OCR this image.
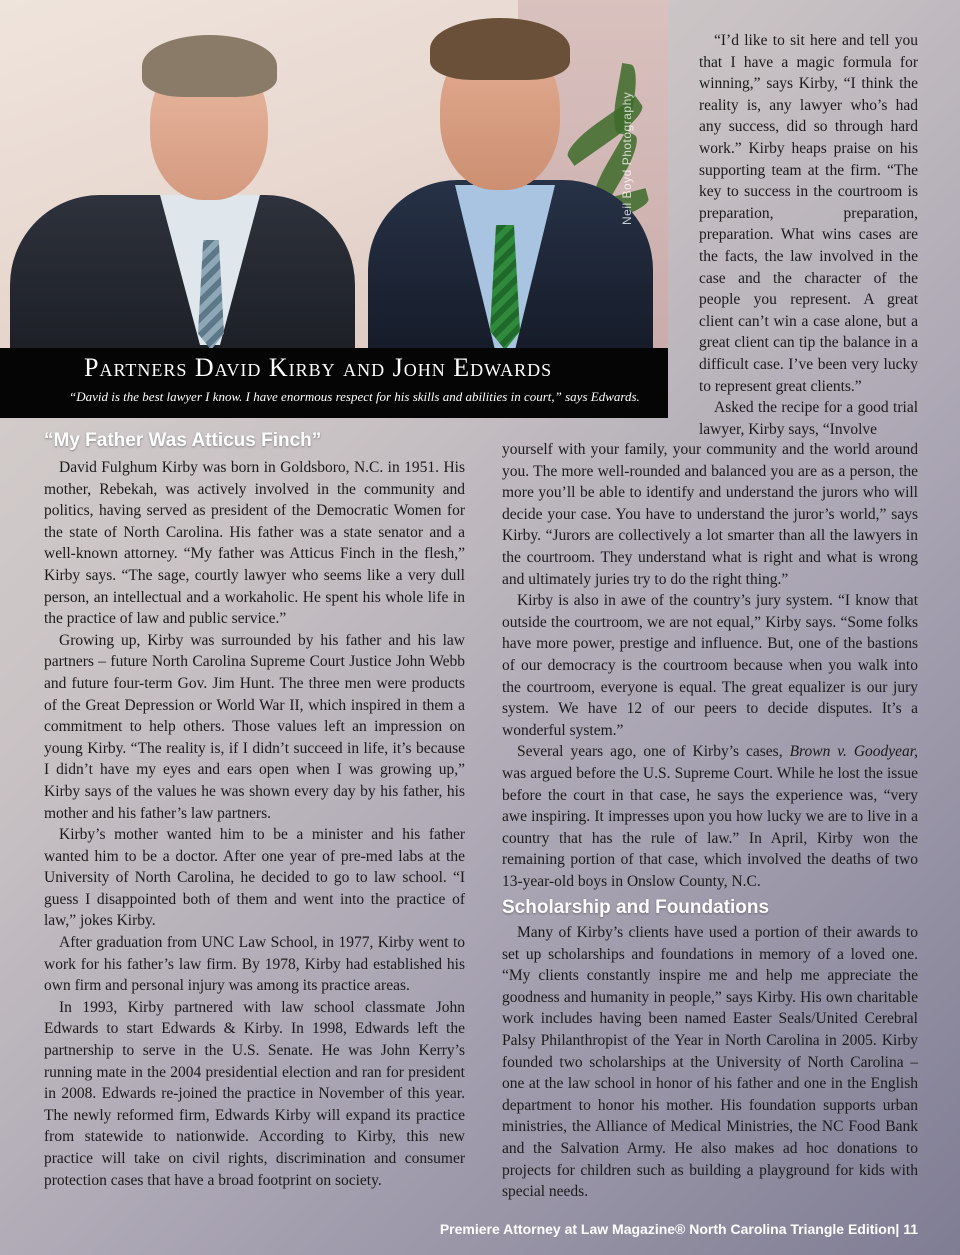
Neil Boyd Photography
Partners David Kirby and John Edwards
“David is the best lawyer I know. I have enormous respect for his skills and abilities in court,” says Edwards.

“I’d like to sit here and tell you that I have a magic formula for winning,” says Kirby, “I think the reality is, any lawyer who’s had any success, did so through hard work.” Kirby heaps praise on his supporting team at the firm. “The key to success in the courtroom is preparation, preparation, preparation. What wins cases are the facts, the law involved in the case and the character of the people you represent. A great client can’t win a case alone, but a great client can tip the balance in a difficult case. I’ve been very lucky to represent great clients.”

Asked the recipe for a good trial lawyer, Kirby says, “Involve

“My Father Was Atticus Finch”

David Fulghum Kirby was born in Goldsboro, N.C. in 1951. His mother, Rebekah, was actively involved in the community and politics, having served as president of the Democratic Women for the state of North Carolina. His father was a state senator and a well-known attorney. “My father was Atticus Finch in the flesh,” Kirby says. “The sage, courtly lawyer who seems like a very dull person, an intellectual and a workaholic. He spent his whole life in the practice of law and public service.”

Growing up, Kirby was surrounded by his father and his law partners – future North Carolina Supreme Court Justice John Webb and future four-term Gov. Jim Hunt. The three men were products of the Great Depression or World War II, which inspired in them a commitment to help others. Those values left an impression on young Kirby. “The reality is, if I didn’t succeed in life, it’s because I didn’t have my eyes and ears open when I was growing up,” Kirby says of the values he was shown every day by his father, his mother and his father’s law partners.

Kirby’s mother wanted him to be a minister and his father wanted him to be a doctor. After one year of pre-med labs at the University of North Carolina, he decided to go to law school. “I guess I disappointed both of them and went into the practice of law,” jokes Kirby.

After graduation from UNC Law School, in 1977, Kirby went to work for his father’s law firm. By 1978, Kirby had established his own firm and personal injury was among its practice areas.

In 1993, Kirby partnered with law school classmate John Edwards to start Edwards & Kirby. In 1998, Edwards left the partnership to serve in the U.S. Senate. He was John Kerry’s running mate in the 2004 presidential election and ran for president in 2008. Edwards re-joined the practice in November of this year. The newly reformed firm, Edwards Kirby will expand its practice from statewide to nationwide. According to Kirby, this new practice will take on civil rights, discrimination and consumer protection cases that have a broad footprint on society.

yourself with your family, your community and the world around you. The more well-rounded and balanced you are as a person, the more you’ll be able to identify and understand the jurors who will decide your case. You have to understand the juror’s world,” says Kirby. “Jurors are collectively a lot smarter than all the lawyers in the courtroom. They understand what is right and what is wrong and ultimately juries try to do the right thing.”

Kirby is also in awe of the country’s jury system. “I know that outside the courtroom, we are not equal,” Kirby says. “Some folks have more power, prestige and influence. But, one of the bastions of our democracy is the courtroom because when you walk into the courtroom, everyone is equal. The great equalizer is our jury system. We have 12 of our peers to decide disputes. It’s a wonderful system.”

Several years ago, one of Kirby’s cases, Brown v. Goodyear, was argued before the U.S. Supreme Court. While he lost the issue before the court in that case, he says the experience was, “very awe inspiring. It impresses upon you how lucky we are to live in a country that has the rule of law.” In April, Kirby won the remaining portion of that case, which involved the deaths of two 13-year-old boys in Onslow County, N.C.

Scholarship and Foundations

Many of Kirby’s clients have used a portion of their awards to set up scholarships and foundations in memory of a loved one. “My clients constantly inspire me and help me appreciate the goodness and humanity in people,” says Kirby. His own charitable work includes having been named Easter Seals/United Cerebral Palsy Philanthropist of the Year in North Carolina in 2005. Kirby founded two scholarships at the University of North Carolina – one at the law school in honor of his father and one in the English department to honor his mother. His foundation supports urban ministries, the Alliance of Medical Ministries, the NC Food Bank and the Salvation Army. He also makes ad hoc donations to projects for children such as building a playground for kids with special needs.

Premiere Attorney at Law Magazine® North Carolina Triangle Edition| 11
